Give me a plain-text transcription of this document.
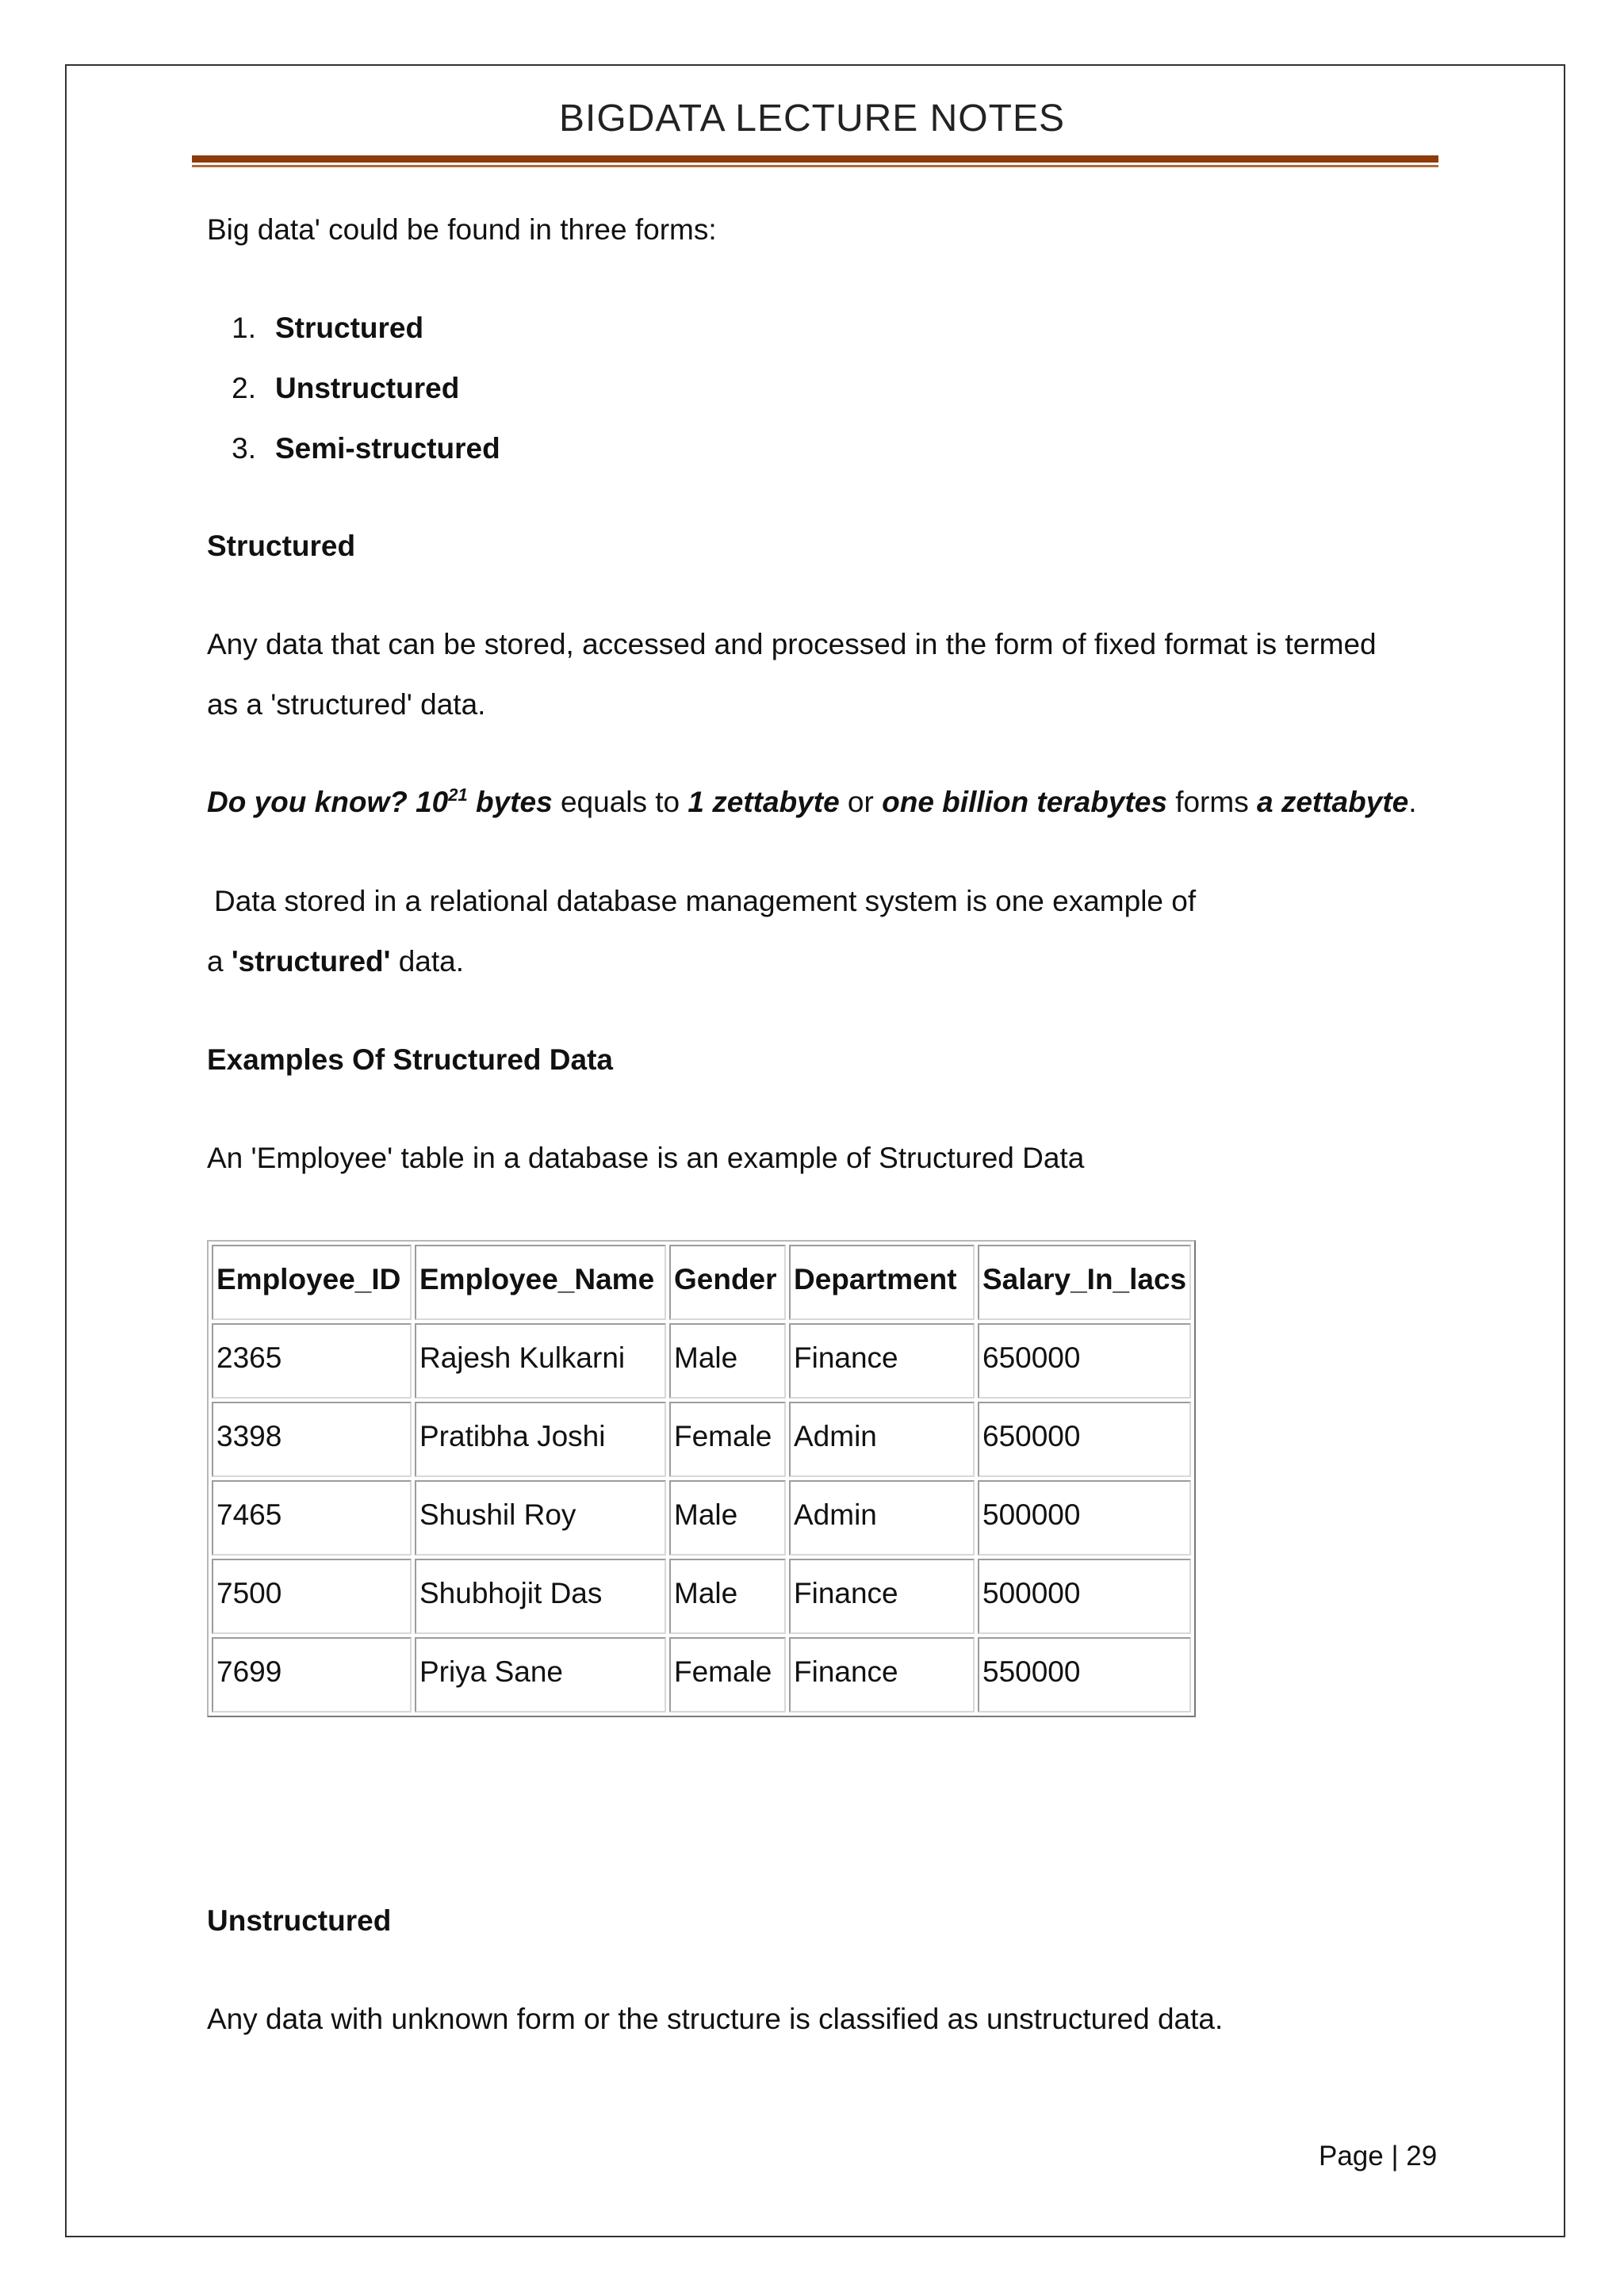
BIGDATA LECTURE NOTES

Big data' could be found in three forms:

1. Structured
2. Unstructured
3. Semi-structured

Structured

Any data that can be stored, accessed and processed in the form of fixed format is termed

as a 'structured' data.

Do you know? $10^{21}$ bytes equals to 1 zettabyte or one billion terabytes forms a zettabyte.

Data stored in a relational database management system is one example of

a 'structured' data.

Examples Of Structured Data

An 'Employee' table in a database is an example of Structured Data

Employee_ID	Employee_Name	Gender	Department	Salary_In_lacs
2365	Rajesh Kulkarni	Male	Finance	650000
3398	Pratibha Joshi	Female	Admin	650000
7465	Shushil Roy	Male	Admin	500000
7500	Shubhojit Das	Male	Finance	500000
7699	Priya Sane	Female	Finance	550000

Unstructured

Any data with unknown form or the structure is classified as unstructured data.

Page | 29
